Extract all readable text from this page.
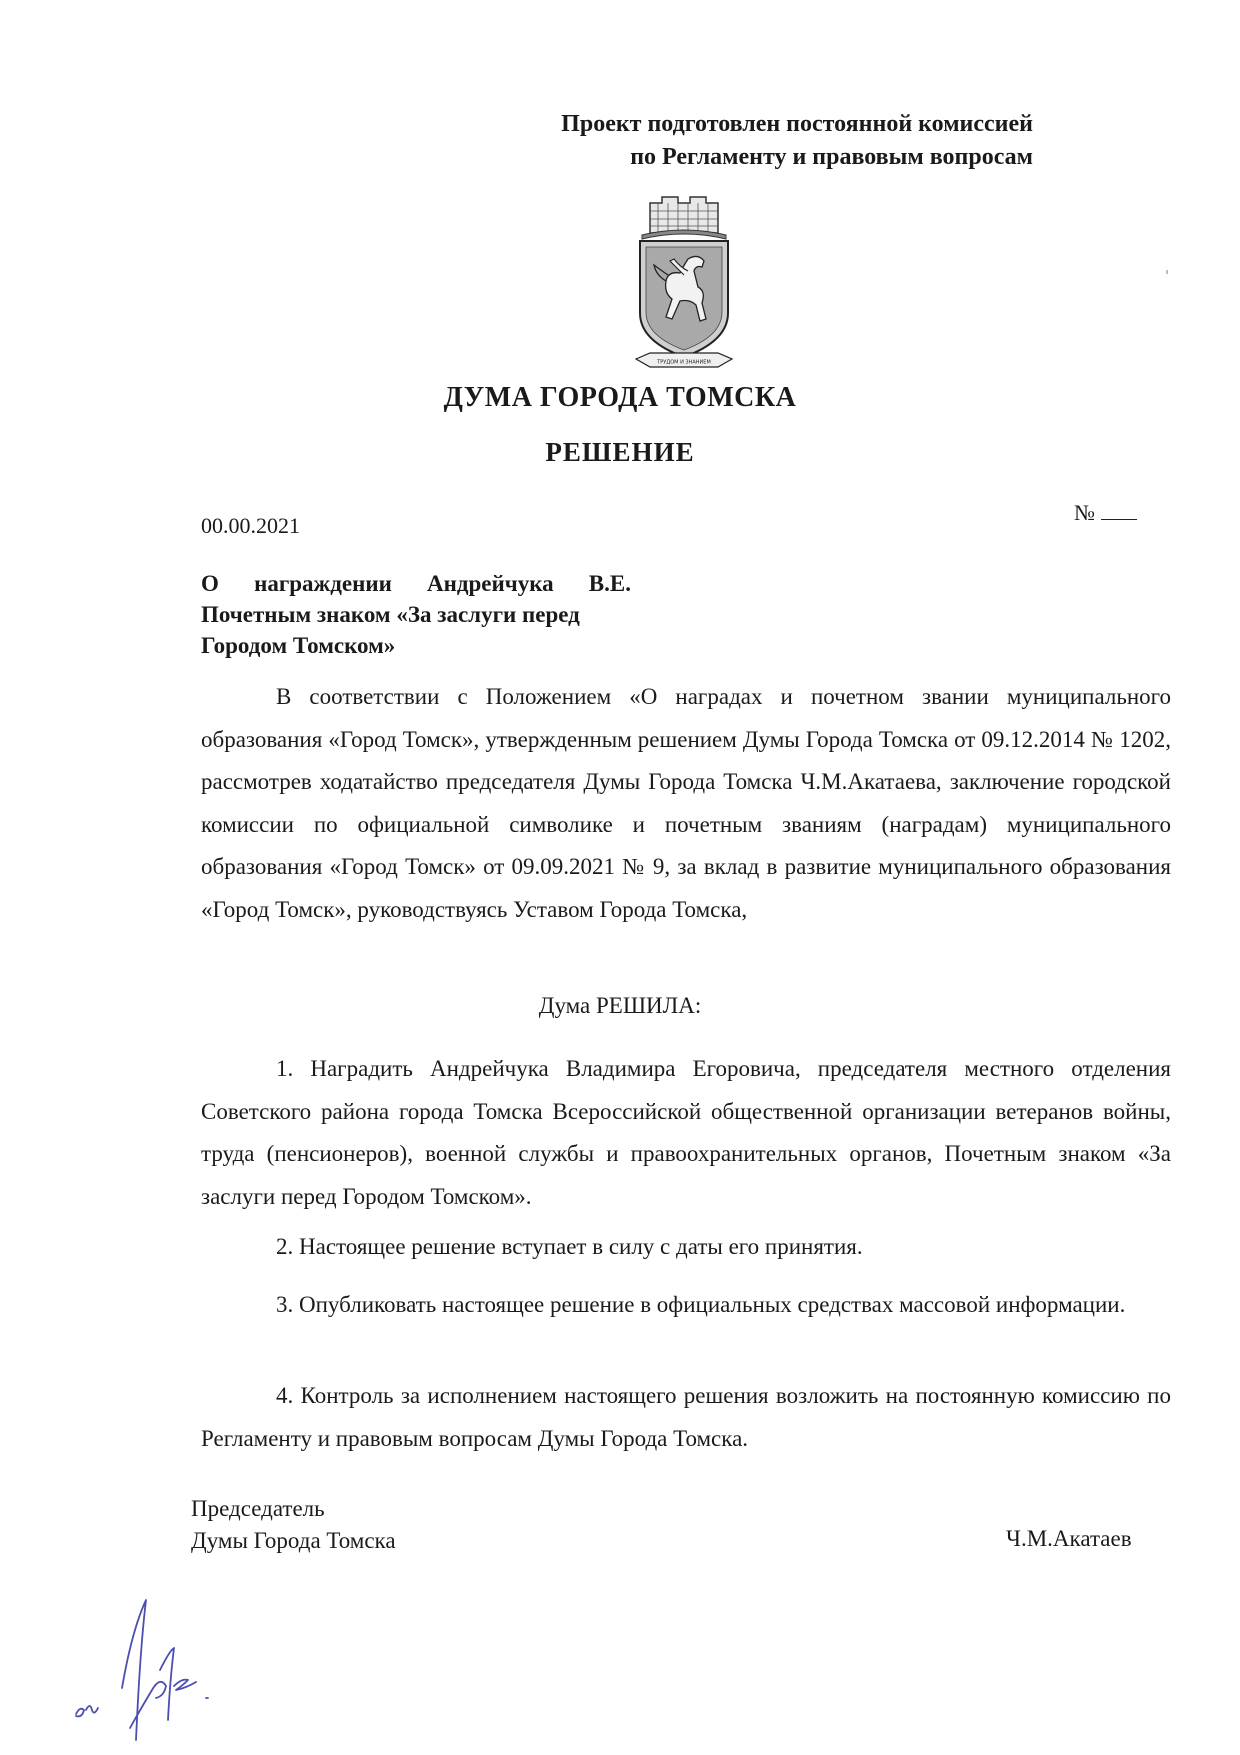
Проект подготовлен постоянной комиссией
по Регламенту и правовым вопросам
ТРУДОМ И ЗНАНИЕМ
ДУМА ГОРОДА ТОМСКА
РЕШЕНИЕ
00.00.2021
№
О награждении Андрейчука В.Е.
Почетным знаком «За заслуги перед
Городом Томском»

В соответствии с Положением «О наградах и почетном звании муниципального образования «Город Томск», утвержденным решением Думы Города Томска от 09.12.2014 № 1202, рассмотрев ходатайство председателя Думы Города Томска Ч.М.Акатаева, заключение городской комиссии по официальной символике и почетным званиям (наградам) муниципального образования «Город Томск» от 09.09.2021 № 9, за вклад в развитие муниципального образования «Город Томск», руководствуясь Уставом Города Томска,

Дума РЕШИЛА:

1. Наградить Андрейчука Владимира Егоровича, председателя местного отделения Советского района города Томска Всероссийской общественной организации ветеранов войны, труда (пенсионеров), военной службы и правоохранительных органов, Почетным знаком «За заслуги перед Городом Томском».

2. Настоящее решение вступает в силу с даты его принятия.

3. Опубликовать настоящее решение в официальных средствах массовой информации.

4. Контроль за исполнением настоящего решения возложить на постоянную комиссию по Регламенту и правовым вопросам Думы Города Томска.

Председатель
Думы Города Томска	Ч.М.Акатаев
